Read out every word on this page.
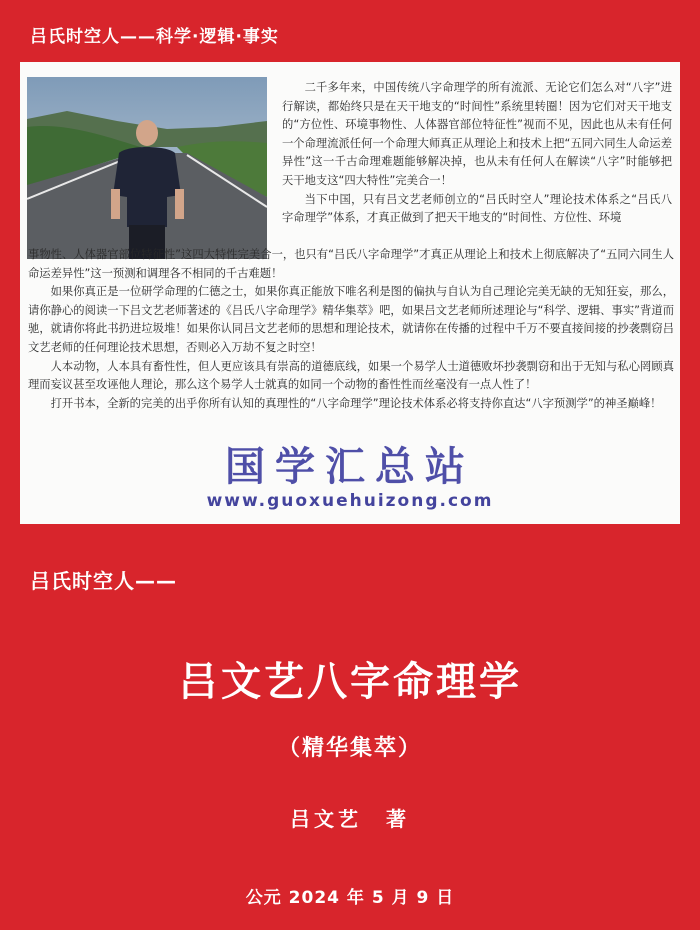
吕氏时空人——科学·逻辑·事实

二千多年来，中国传统八字命理学的所有流派、无论它们怎么对“八字”进行解读，都始终只是在天干地支的“时间性”系统里转圈！因为它们对天干地支的“方位性、环境事物性、人体器官部位特征性”视而不见，因此也从未有任何一个命理流派任何一个命理大师真正从理论上和技术上把“五同六同生人命运差异性”这一千古命理难题能够解决掉，也从未有任何人在解读“八字”时能够把天干地支这“四大特性”完美合一！

当下中国，只有吕文艺老师创立的“吕氏时空人”理论技术体系之“吕氏八字命理学”体系，才真正做到了把天干地支的“时间性、方位性、环境

事物性、人体器官部位特征性”这四大特性完美合一，也只有“吕氏八字命理学”才真正从理论上和技术上彻底解决了“五同六同生人命运差异性”这一预测和调理各不相同的千古难题！

如果你真正是一位研学命理的仁德之士，如果你真正能放下唯名利是图的偏执与自认为自己理论完美无缺的无知狂妄，那么，请你静心的阅读一下吕文艺老师著述的《吕氏八字命理学》精华集萃》吧，如果吕文艺老师所述理论与“科学、逻辑、事实”背道而驰，就请你将此书扔进垃圾堆！如果你认同吕文艺老师的思想和理论技术，就请你在传播的过程中千万不要直接间接的抄袭剽窃吕文艺老师的任何理论技术思想，否则必入万劫不复之时空！

人本动物，人本具有畜性性，但人更应该具有崇高的道德底线，如果一个易学人士道德败坏抄袭剽窃和出于无知与私心罔顾真理而妄议甚至攻诬他人理论，那么这个易学人士就真的如同一个动物的畜性性而丝毫没有一点人性了！

打开书本，全新的完美的出乎你所有认知的真理性的“八字命理学”理论技术体系必将支持你直达“八字预测学”的神圣巅峰！

国学汇总站
www.guoxuehuizong.com
吕氏时空人——
吕文艺八字命理学
（精华集萃）
吕文艺　著
公元 2024 年 5 月 9 日
